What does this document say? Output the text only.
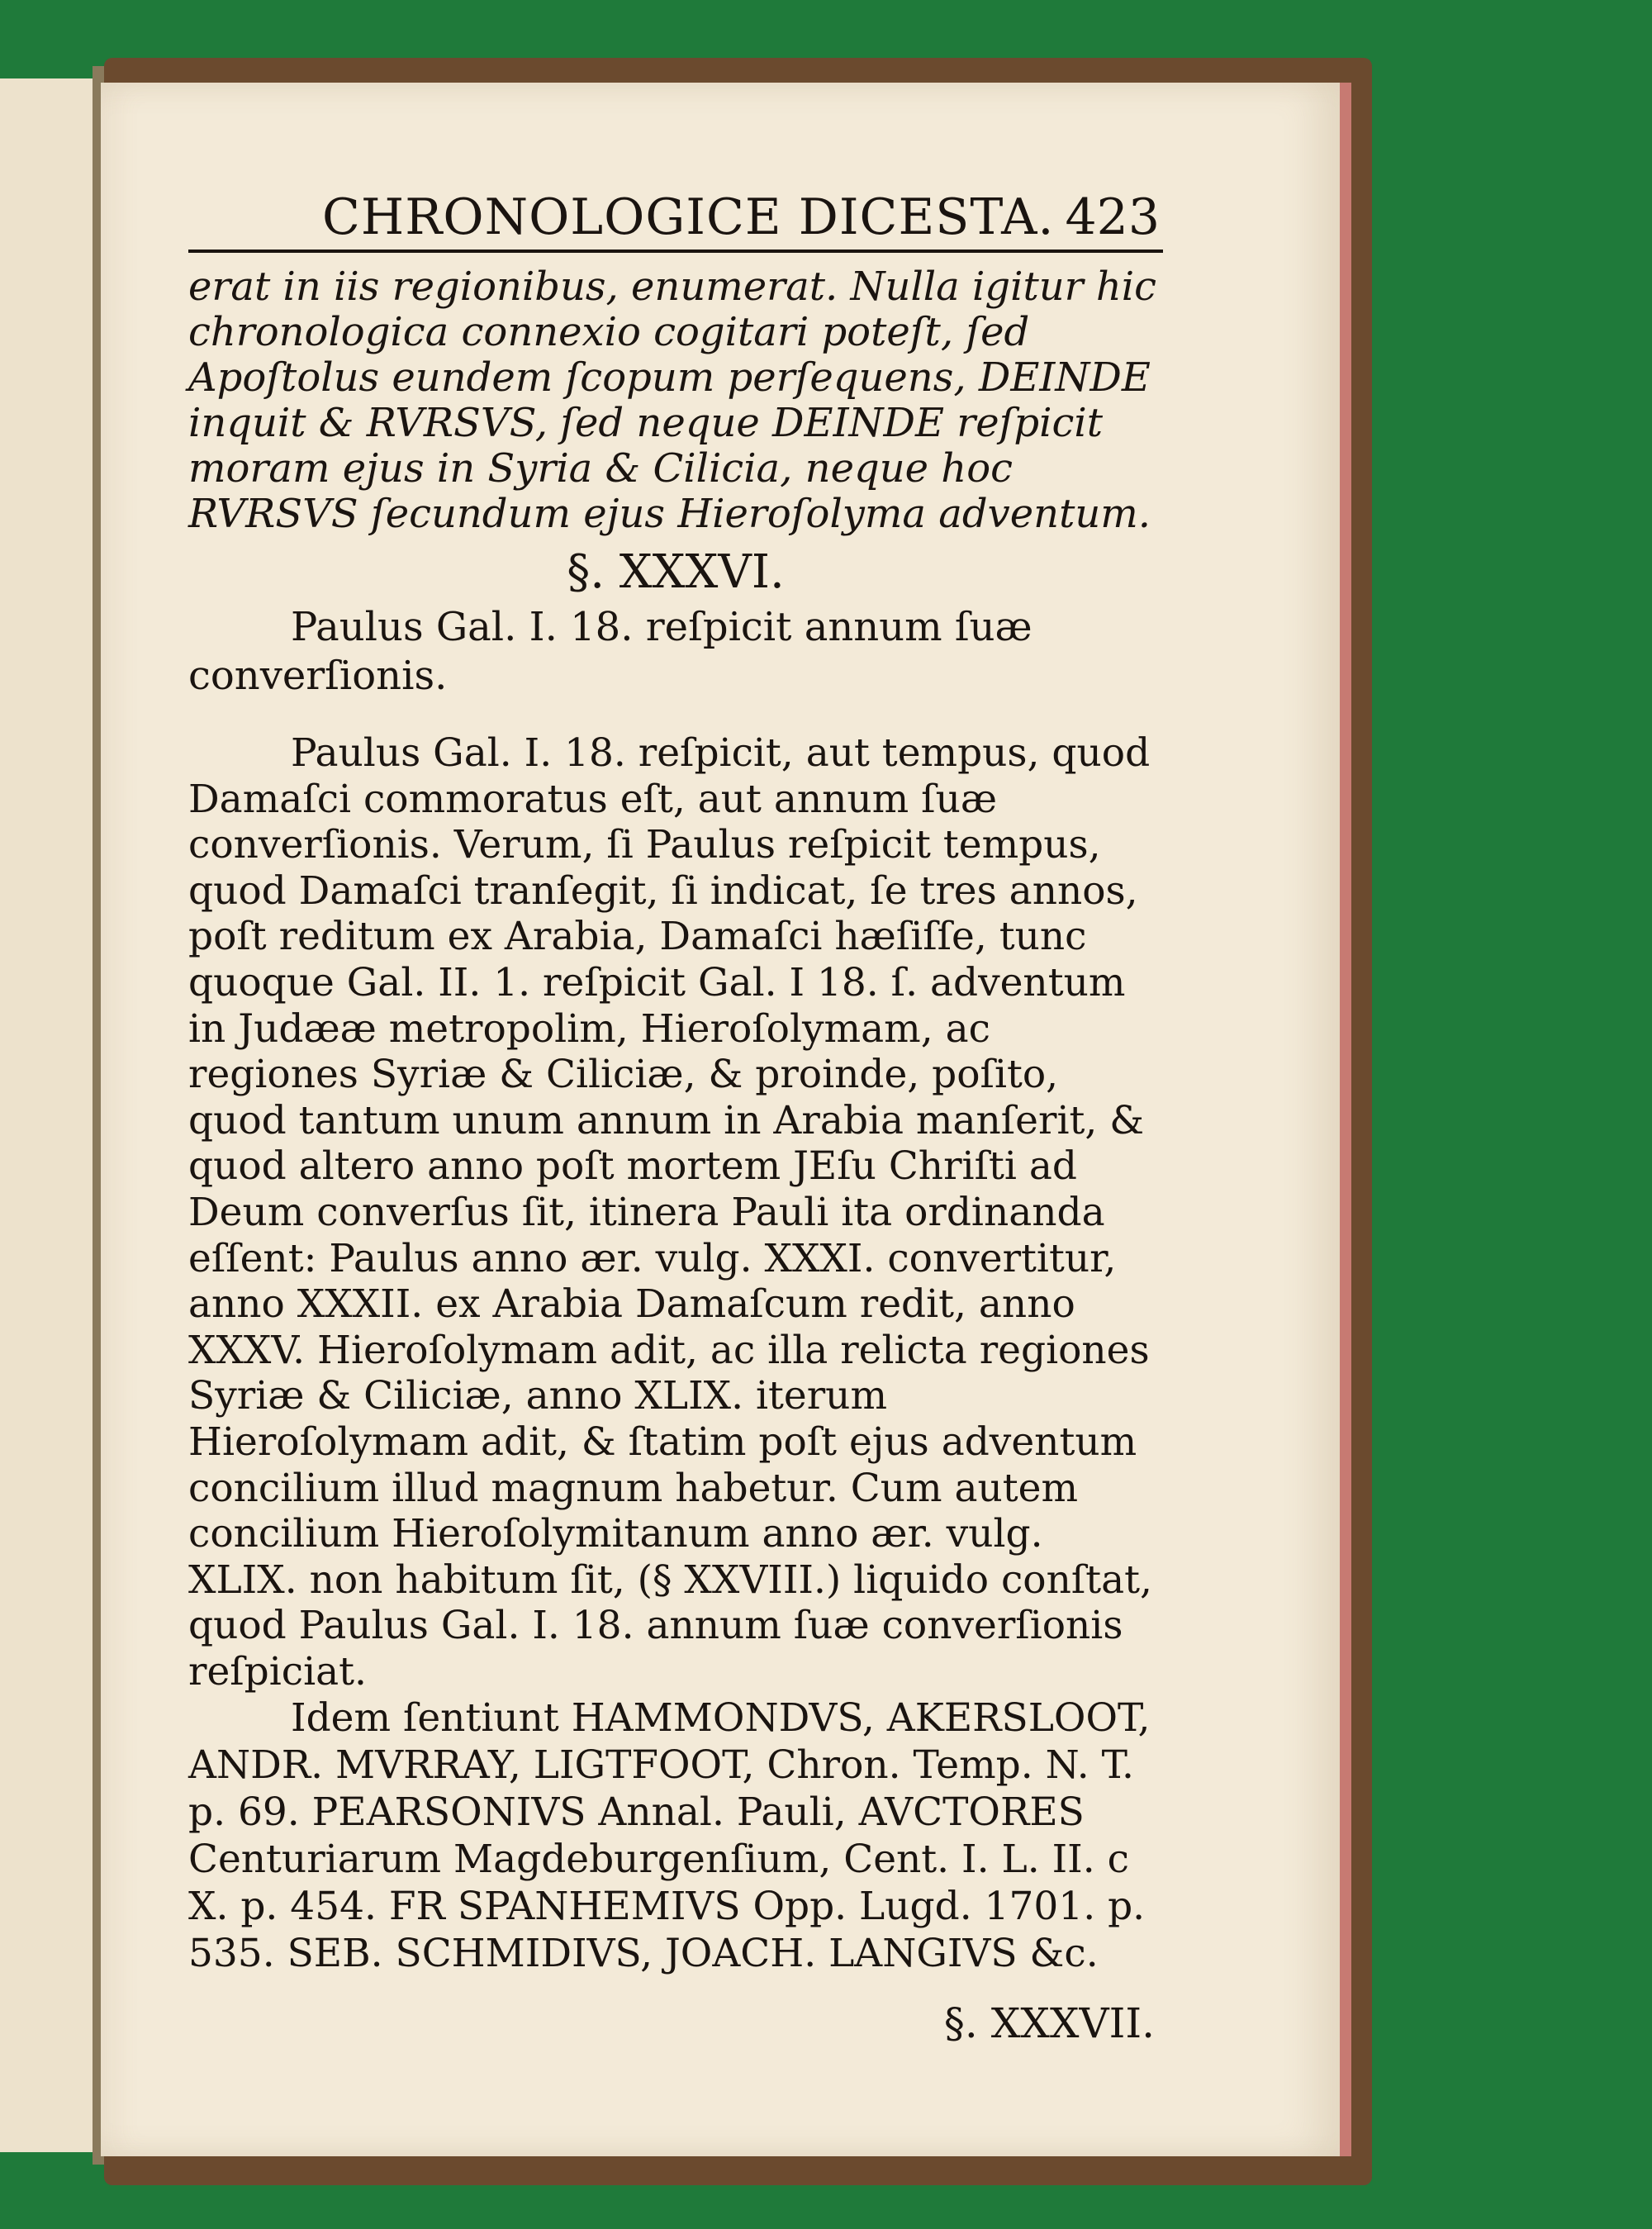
CHRONOLOGICE DICESTA. 423

erat in iis regionibus, enumerat. Nulla igitur hic chronologica connexio cogitari poteſt, ſed Apoſtolus eundem ſcopum perſequens, DEINDE inquit & RVRSVS, ſed neque DEINDE reſpicit moram ejus in Syria & Cilicia, neque hoc RVRSVS ſecundum ejus Hieroſolyma adventum.

§. XXXVI.

Paulus Gal. I. 18. reſpicit annum ſuæ converſionis.

Paulus Gal. I. 18. reſpicit, aut tempus, quod Damaſci commoratus eſt, aut annum ſuæ converſionis. Verum, ſi Paulus reſpicit tempus, quod Damaſci tranſegit, ſi indicat, ſe tres annos, poſt reditum ex Arabia, Damaſci hæſiſſe, tunc quoque Gal. II. 1. reſpicit Gal. I 18. ſ. adventum in Judææ metropolim, Hieroſolymam, ac regiones Syriæ & Ciliciæ, & proinde, poſito, quod tantum unum annum in Arabia manſerit, & quod altero anno poſt mortem JEſu Chriſti ad Deum converſus ſit, itinera Pauli ita ordinanda eſſent: Paulus anno ær. vulg. XXXI. convertitur, anno XXXII. ex Arabia Damaſcum redit, anno XXXV. Hieroſolymam adit, ac illa relicta regiones Syriæ & Ciliciæ, anno XLIX. iterum Hieroſolymam adit, & ſtatim poſt ejus adventum concilium illud magnum habetur. Cum autem concilium Hieroſolymitanum anno ær. vulg. XLIX. non habitum ſit, (§ XXVIII.) liquido conſtat, quod Paulus Gal. I. 18. annum ſuæ converſionis reſpiciat.

Idem ſentiunt HAMMONDVS, AKERSLOOT, ANDR. MVRRAY, LIGTFOOT, Chron. Temp. N. T. p. 69. PEARSONIVS Annal. Pauli, AVCTORES Centuriarum Magdeburgenſium, Cent. I. L. II. c X. p. 454. FR SPANHEMIVS Opp. Lugd. 1701. p. 535. SEB. SCHMIDIVS, JOACH. LANGIVS &c.

§. XXXVII.
